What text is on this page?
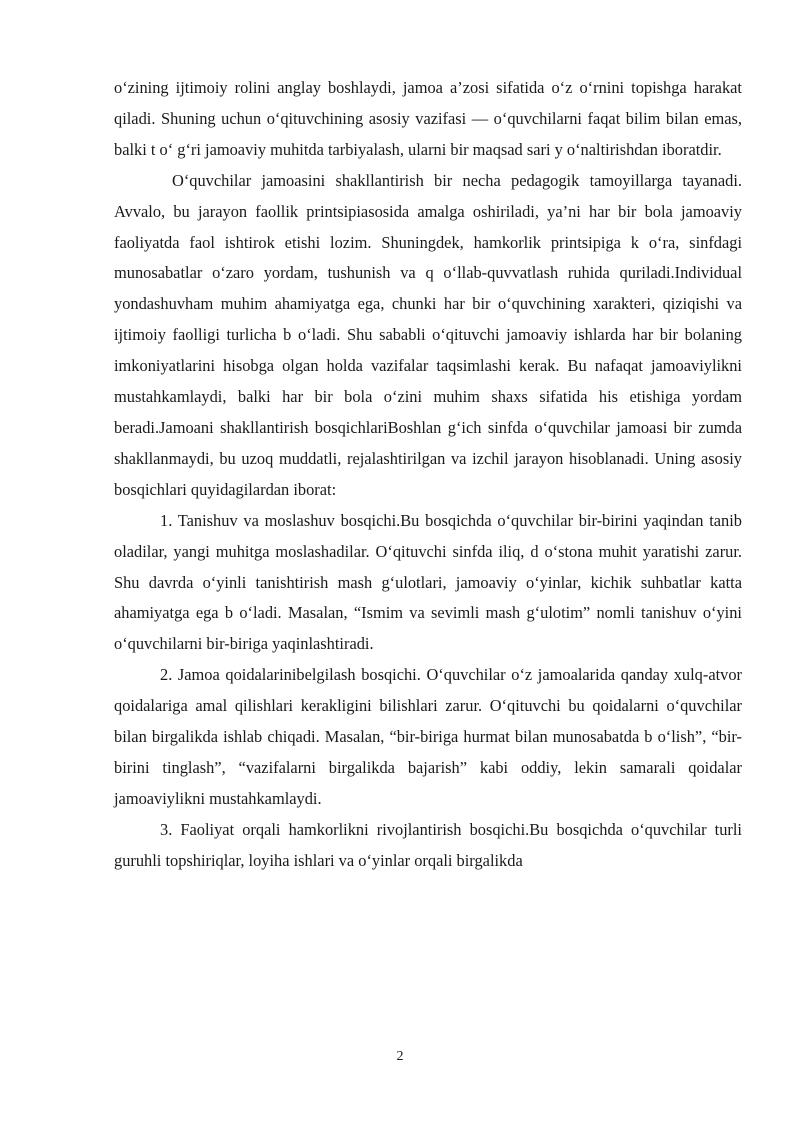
o‘zining ijtimoiy rolini anglay boshlaydi, jamoa a’zosi sifatida o‘z o‘rnini topishga harakat qiladi. Shuning uchun o‘qituvchining asosiy vazifasi — o‘quvchilarni faqat bilim bilan emas, balki t o‘ g‘ri jamoaviy muhitda tarbiyalash, ularni bir maqsad sari y o‘naltirishdan iboratdir.

O‘quvchilar jamoasini shakllantirish bir necha pedagogik tamoyillarga tayanadi. Avvalo, bu jarayon faollik printsipiasosida amalga oshiriladi, ya’ni har bir bola jamoaviy faoliyatda faol ishtirok etishi lozim. Shuningdek, hamkorlik printsipiga k o‘ra, sinfdagi munosabatlar o‘zaro yordam, tushunish va q o‘llab-quvvatlash ruhida quriladi.Individual yondashuvham muhim ahamiyatga ega, chunki har bir o‘quvchining xarakteri, qiziqishi va ijtimoiy faolligi turlicha b o‘ladi. Shu sababli o‘qituvchi jamoaviy ishlarda har bir bolaning imkoniyatlarini hisobga olgan holda vazifalar taqsimlashi kerak. Bu nafaqat jamoaviylikni mustahkamlaydi, balki har bir bola o‘zini muhim shaxs sifatida his etishiga yordam beradi.Jamoani shakllantirish bosqichlariBoshlan g‘ich sinfda o‘quvchilar jamoasi bir zumda shakllanmaydi, bu uzoq muddatli, rejalashtirilgan va izchil jarayon hisoblanadi. Uning asosiy bosqichlari quyidagilardan iborat:

1. Tanishuv va moslashuv bosqichi.Bu bosqichda o‘quvchilar bir-birini yaqindan tanib oladilar, yangi muhitga moslashadilar. O‘qituvchi sinfda iliq, d o‘stona muhit yaratishi zarur. Shu davrda o‘yinli tanishtirish mash g‘ulotlari, jamoaviy o‘yinlar, kichik suhbatlar katta ahamiyatga ega b o‘ladi. Masalan, “Ismim va sevimli mash g‘ulotim” nomli tanishuv o‘yini o‘quvchilarni bir-biriga yaqinlashtiradi.

2. Jamoa qoidalarinibelgilash bosqichi. O‘quvchilar o‘z jamoalarida qanday xulq-atvor qoidalariga amal qilishlari kerakligini bilishlari zarur. O‘qituvchi bu qoidalarni o‘quvchilar bilan birgalikda ishlab chiqadi. Masalan, “bir-biriga hurmat bilan munosabatda b o‘lish”, “bir-birini tinglash”, “vazifalarni birgalikda bajarish” kabi oddiy, lekin samarali qoidalar jamoaviylikni mustahkamlaydi.

3. Faoliyat orqali hamkorlikni rivojlantirish bosqichi.Bu bosqichda o‘quvchilar turli guruhli topshiriqlar, loyiha ishlari va o‘yinlar orqali birgalikda

2
